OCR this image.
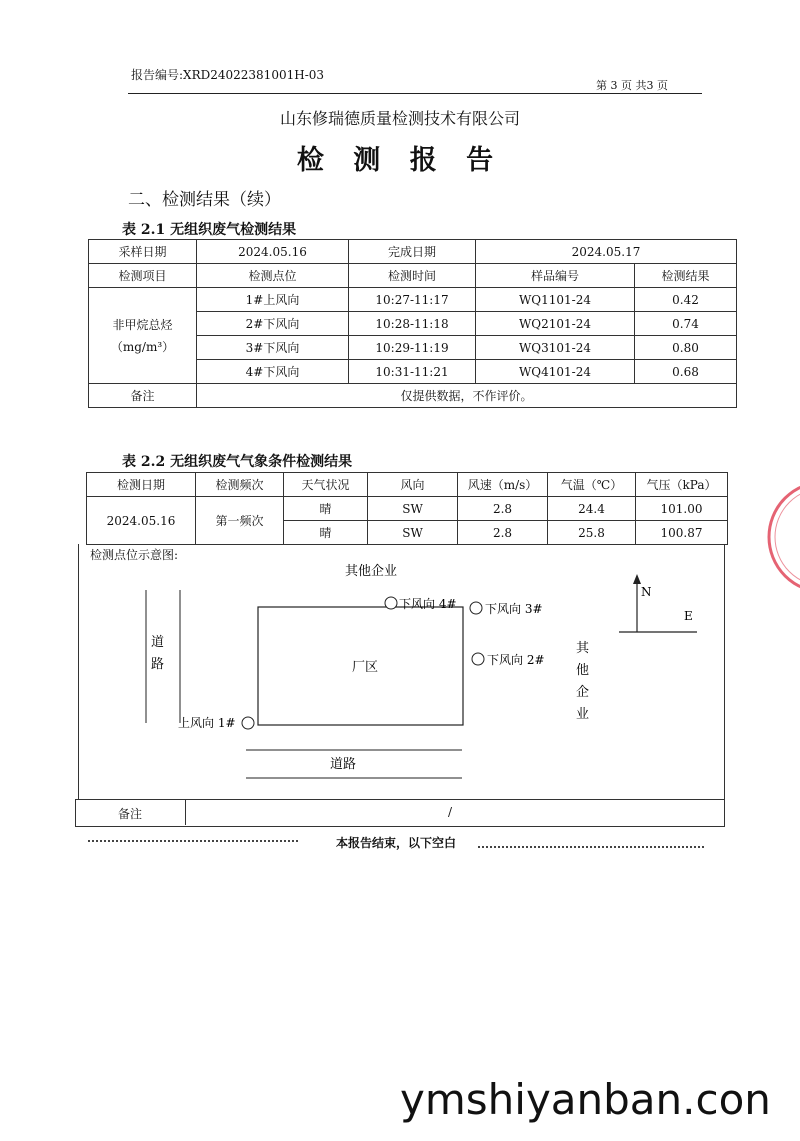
报告编号:XRD24022381001H-03
第 3 页 共3 页
山东修瑞德质量检测技术有限公司
检 测 报 告
二、检测结果（续）
表 2.1 无组织废气检测结果
采样日期	2024.05.16	完成日期	2024.05.17	
检测项目	检测点位	检测时间	样品编号	检测结果

非甲烷总烃
（mg/m³）	1#上风向	10:27-11:17	WQ1101-24	0.42
	2#下风向	10:28-11:18	WQ2101-24	0.74
	3#下风向	10:29-11:19	WQ3101-24	0.80
	4#下风向	10:31-11:21	WQ4101-24	0.68
备注	仅提供数据，不作评价。			
表 2.2 无组织废气气象条件检测结果
检测日期	检测频次	天气状况	风向	风速（m/s）	气温（℃）	气压（kPa）
2024.05.16	第一频次	晴	SW	2.8	24.4	101.00
		晴	SW	2.8	25.8	100.87
检测点位示意图:
N
E
其他企业
厂区
道路
上风向 1#
下风向 4# 下风向 3#
下风向 2#
道路
其他企业
备注	/
本报告结束，以下空白
ymshiyanban.con
